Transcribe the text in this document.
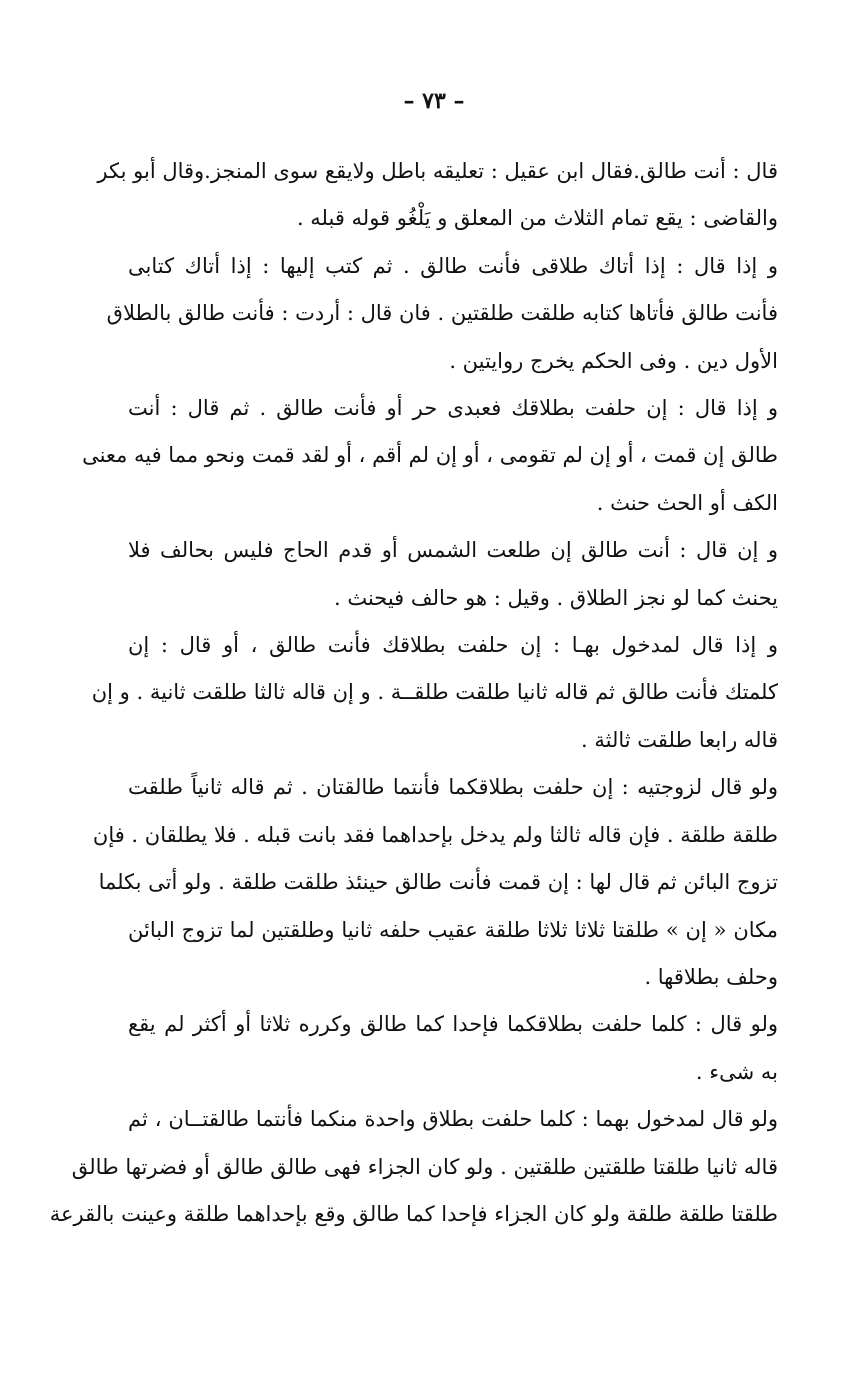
– ٧٣ –
قال : أنت طالق.فقال ابن عقيل : تعليقه باطل ولايقع سوى المنجز.وقال أبو بكر
والقاضى : يقع تمام الثلاث من المعلق و يَلْغُو قوله قبله .
و إذا قال : إذا أتاك طلاقى فأنت طالق . ثم كتب إليها : إذا أتاك كتابى
فأنت طالق فأتاها كتابه طلقت طلقتين . فان قال : أردت : فأنت طالق بالطلاق
الأول دين . وفى الحكم يخرج روايتين .
و إذا قال : إن حلفت بطلاقك فعبدى حر أو فأنت طالق . ثم قال : أنت
طالق إن قمت ، أو إن لم تقومى ، أو إن لم أقم ، أو لقد قمت ونحو مما فيه معنى
الكف أو الحث حنث .
و إن قال : أنت طالق إن طلعت الشمس أو قدم الحاج فليس بحالف فلا
يحنث كما لو نجز الطلاق . وقيل : هو حالف فيحنث .
و إذا قال لمدخول بهـا : إن حلفت بطلاقك فأنت طالق ، أو قال : إن
كلمتك فأنت طالق ثم قاله ثانيا طلقت طلقــة . و إن قاله ثالثا طلقت ثانية . و إن
قاله رابعا طلقت ثالثة .
ولو قال لزوجتيه : إن حلفت بطلاقكما فأنتما طالقتان . ثم قاله ثانياً طلقت
طلقة طلقة . فإن قاله ثالثا ولم يدخل بإحداهما فقد بانت قبله . فلا يطلقان . فإن
تزوج البائن ثم قال لها : إن قمت فأنت طالق حينئذ طلقت طلقة . ولو أتى بكلما
مكان « إن » طلقتا ثلاثا ثلاثا طلقة عقيب حلفه ثانيا وطلقتين لما تزوج البائن
وحلف بطلاقها .
ولو قال : كلما حلفت بطلاقكما فإحدا كما طالق وكرره ثلاثا أو أكثر لم يقع
به شىء .
ولو قال لمدخول بهما : كلما حلفت بطلاق واحدة منكما فأنتما طالقتــان ، ثم
قاله ثانيا طلقتا طلقتين طلقتين . ولو كان الجزاء فهى طالق طالق أو فضرتها طالق
طلقتا طلقة طلقة ولو كان الجزاء فإحدا كما طالق وقع بإحداهما طلقة وعينت بالقرعة
